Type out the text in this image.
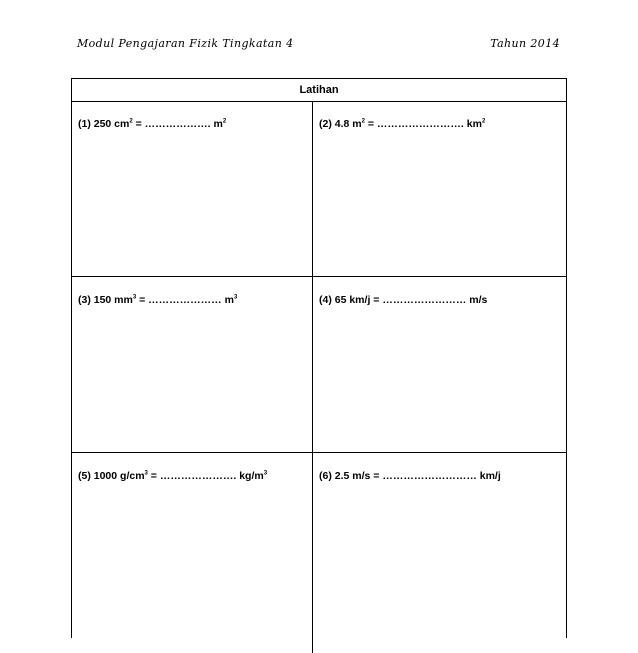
Modul Pengajaran Fizik Tingkatan 4	Tahun 2014
Latihan
(1) 250 $cm^2$ = ………………. $m^2$	(2) 4.8 $m^2$ = ……………………. $km^2$
(3) 150 $mm^3$ = ………………… $m^3$	(4) 65 km/j = …………………… m/s
(5) 1000 $g/cm^3$ = …………………. $kg/m^3$	(6) 2.5 m/s = ……………………… km/j
